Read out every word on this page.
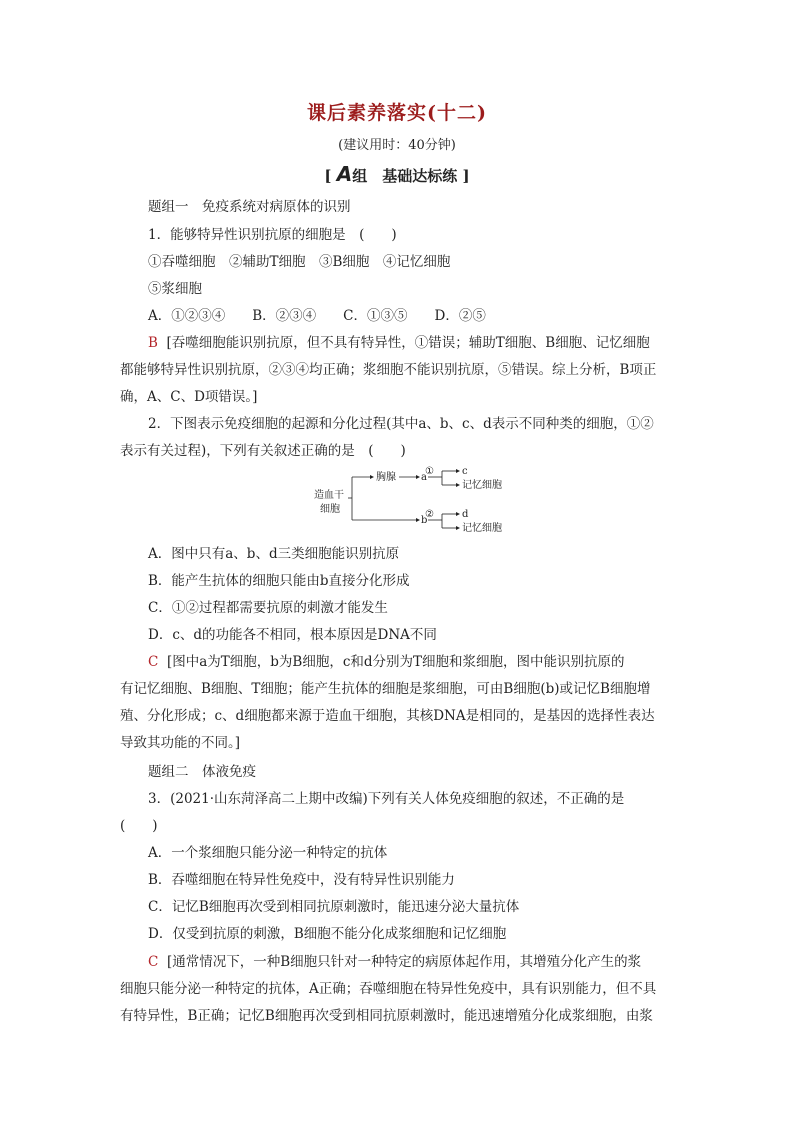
课后素养落实(十二)
(建议用时：40分钟)
[ A组　基础达标练 ]
题组一　免疫系统对病原体的识别
1．能够特异性识别抗原的细胞是　(　　)
①吞噬细胞　②辅助T细胞　③B细胞　④记忆细胞
⑤浆细胞
A．①②③④　　B．②③④　　C．①③⑤　　D．②⑤
B [吞噬细胞能识别抗原，但不具有特异性，①错误；辅助T细胞、B细胞、记忆细胞
都能够特异性识别抗原，②③④均正确；浆细胞不能识别抗原，⑤错误。综上分析，B项正
确，A、C、D项错误。]
2．下图表示免疫细胞的起源和分化过程(其中a、b、c、d表示不同种类的细胞，①②
表示有关过程)，下列有关叙述正确的是　(　　)
造血干
细胞
胸腺	a
①	c
记忆细胞
b
②	d
记忆细胞
A．图中只有a、b、d三类细胞能识别抗原
B．能产生抗体的细胞只能由b直接分化形成
C．①②过程都需要抗原的刺激才能发生
D．c、d的功能各不相同，根本原因是DNA不同
C [图中a为T细胞，b为B细胞，c和d分别为T细胞和浆细胞，图中能识别抗原的
有记忆细胞、B细胞、T细胞；能产生抗体的细胞是浆细胞，可由B细胞(b)或记忆B细胞增
殖、分化形成；c、d细胞都来源于造血干细胞，其核DNA是相同的，是基因的选择性表达
导致其功能的不同。]
题组二　体液免疫
3．(2021·山东菏泽高二上期中改编)下列有关人体免疫细胞的叙述，不正确的是
(　　)
A．一个浆细胞只能分泌一种特定的抗体
B．吞噬细胞在特异性免疫中，没有特异性识别能力
C．记忆B细胞再次受到相同抗原刺激时，能迅速分泌大量抗体
D．仅受到抗原的刺激，B细胞不能分化成浆细胞和记忆细胞
C [通常情况下，一种B细胞只针对一种特定的病原体起作用，其增殖分化产生的浆
细胞只能分泌一种特定的抗体，A正确；吞噬细胞在特异性免疫中，具有识别能力，但不具
有特异性，B正确；记忆B细胞再次受到相同抗原刺激时，能迅速增殖分化成浆细胞，由浆
